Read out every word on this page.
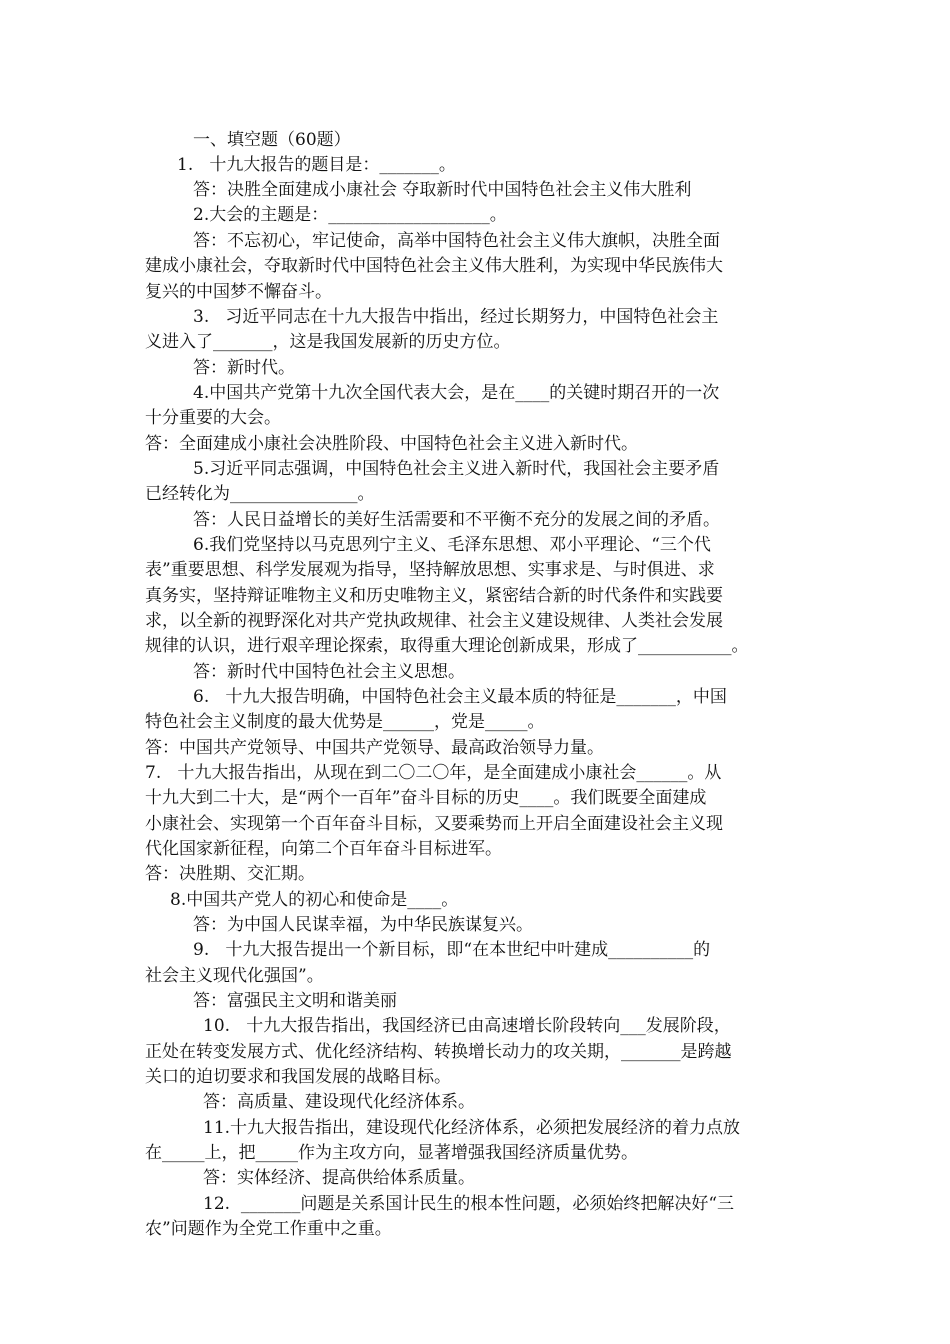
一、填空题（60题）
1.   十九大报告的题目是：_______。
答：决胜全面建成小康社会 夺取新时代中国特色社会主义伟大胜利
2.大会的主题是：___________________。
答：不忘初心，牢记使命，高举中国特色社会主义伟大旗帜，决胜全面
建成小康社会，夺取新时代中国特色社会主义伟大胜利，为实现中华民族伟大
复兴的中国梦不懈奋斗。
3.   习近平同志在十九大报告中指出，经过长期努力，中国特色社会主
义进入了_______，这是我国发展新的历史方位。
答：新时代。
4.中国共产党第十九次全国代表大会，是在____的关键时期召开的一次
十分重要的大会。
答：全面建成小康社会决胜阶段、中国特色社会主义进入新时代。
5.习近平同志强调，中国特色社会主义进入新时代，我国社会主要矛盾
已经转化为_______________。
答：人民日益增长的美好生活需要和不平衡不充分的发展之间的矛盾。
6.我们党坚持以马克思列宁主义、毛泽东思想、邓小平理论、“三个代
表”重要思想、科学发展观为指导，坚持解放思想、实事求是、与时俱进、求
真务实，坚持辩证唯物主义和历史唯物主义，紧密结合新的时代条件和实践要
求，以全新的视野深化对共产党执政规律、社会主义建设规律、人类社会发展
规律的认识，进行艰辛理论探索，取得重大理论创新成果，形成了___________。
答：新时代中国特色社会主义思想。
6.   十九大报告明确，中国特色社会主义最本质的特征是_______，中国
特色社会主义制度的最大优势是______，党是_____。
答：中国共产党领导、中国共产党领导、最高政治领导力量。
7.   十九大报告指出，从现在到二〇二〇年，是全面建成小康社会______。从
十九大到二十大，是“两个一百年”奋斗目标的历史____。我们既要全面建成
小康社会、实现第一个百年奋斗目标，又要乘势而上开启全面建设社会主义现
代化国家新征程，向第二个百年奋斗目标进军。
答：决胜期、交汇期。
8.中国共产党人的初心和使命是____。
答：为中国人民谋幸福，为中华民族谋复兴。
9.   十九大报告提出一个新目标，即“在本世纪中叶建成__________的
社会主义现代化强国”。
答：富强民主文明和谐美丽
10.   十九大报告指出，我国经济已由高速增长阶段转向___发展阶段，
正处在转变发展方式、优化经济结构、转换增长动力的攻关期，_______是跨越
关口的迫切要求和我国发展的战略目标。
答：高质量、建设现代化经济体系。
11.十九大报告指出，建设现代化经济体系，必须把发展经济的着力点放
在_____上，把_____作为主攻方向，显著增强我国经济质量优势。
答：实体经济、提高供给体系质量。
12.  _______问题是关系国计民生的根本性问题，必须始终把解决好“三
农”问题作为全党工作重中之重。
